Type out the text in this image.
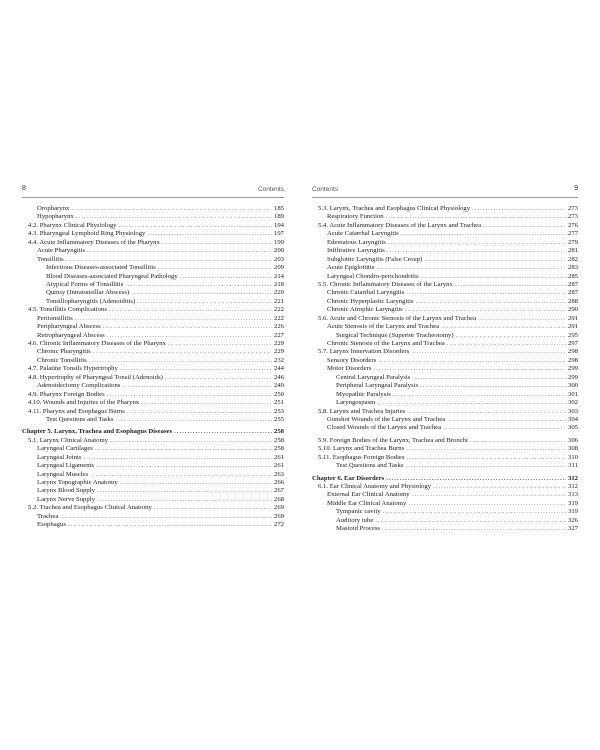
8	Contents
Oropharynx .....	185
Hypopharynx .....	189
4.2. Pharynx Clinical Physiology .....	194
4.3. Pharyngeal Lymphoid Ring Physiology .....	197
4.4. Acute Inflammatory Diseases of the Pharynx .....	199
Acute Pharyngitis .....	200
Tonsillitis .....	203
Infectious Diseases-associated Tonsillitis .....	209
Blood Diseases-associated Pharyngeal Pathology .....	214
Atypical Forms of Tonsillitis .....	218
Quinsy (Intratonsillar Abscess) .....	220
Tonsillopharyngitis (Adenoiditis) .....	221
4.5. Tonsillitis Complications .....	222
Peritonsillitis .....	222
Peripharyngeal Abscess .....	226
Retropharyngeal Abscess .....	227
4.6. Chronic Inflammatory Diseases of the Pharynx .....	229
Chronic Pharyngitis .....	229
Chronic Tonsillitis .....	232
4.7. Palatine Tonsils Hypertrophy .....	244
4.8. Hypertrophy of Pharyngeal Tonsil (Adenoids) .....	246
Adenoidectomy Complications .....	249
4.9. Pharynx Foreign Bodies .....	250
4.10. Wounds and Injuries of the Pharynx .....	251
4.11. Pharynx and Esophagus Burns .....	253
Test Questions and Tasks .....	255
Chapter 5. Larynx, Trachea and Esophagus Diseases .....	258
5.1. Larynx Clinical Anatomy .....	258
Laryngeal Cartilages .....	258
Laryngeal Joints .....	261
Laryngeal Ligaments .....	261
Laryngeal Muscles .....	263
Larynx Topographic Anatomy .....	266
Larynx Blood Supply .....	267
Larynx Nerve Supply .....	268
5.2. Trachea and Esophagus Clinical Anatomy .....	269
Trachea .....	269
Esophagus .....	272
Contents	9
5.3. Larynx, Trachea and Esophagus Clinical Physiology .....	273
Respiratory Function .....	273
5.4. Acute Inflammatory Diseases of the Larynx and Trachea .....	276
Acute Catarrhal Laryngitis .....	277
Edematous Laryngitis .....	279
Infiltrative Laryngitis .....	281
Subglottic Laryngitis (False Croup) .....	282
Acute Epiglottitis .....	283
Laryngeal Chondro-perichondritis .....	285
5.5. Chronic Inflammatory Diseases of the Larynx .....	287
Chronic Catarrhal Laryngitis .....	287
Chronic Hyperplastic Laryngitis .....	288
Chronic Atrophic Laryngitis .....	290
5.6. Acute and Chronic Stenosis of the Larynx and Trachea .....	291
Acute Stenosis of the Larynx and Trachea .....	291
Surgical Technique (Superior Tracheotomy) .....	295
Chronic Stenosis of the Larynx and Trachea .....	297
5.7. Larynx Innervation Disorders .....	298
Sensory Disorders .....	298
Motor Disorders .....	299
Central Laryngeal Paralysis .....	299
Peripheral Laryngeal Paralysis .....	300
Myopathic Paralysis .....	301
Laryngospasm .....	302
5.8. Larynx and Trachea Injuries .....	303
Gunshot Wounds of the Larynx and Trachea .....	304
Closed Wounds of the Larynx and Trachea .....	305
5.9. Foreign Bodies of the Larynx, Trachea and Bronchi .....	306
5.10. Larynx and Trachea Burns .....	308
5.11. Esophagus Foreign Bodies .....	310
Test Questions and Tasks .....	311
Chapter 6. Ear Disorders .....	312
6.1. Ear Clinical Anatomy and Physiology .....	312
External Ear Clinical Anatomy .....	313
Middle Ear Clinical Anatomy .....	319
Tympanic cavity .....	319
Auditory tube .....	326
Mastoid Process .....	327
